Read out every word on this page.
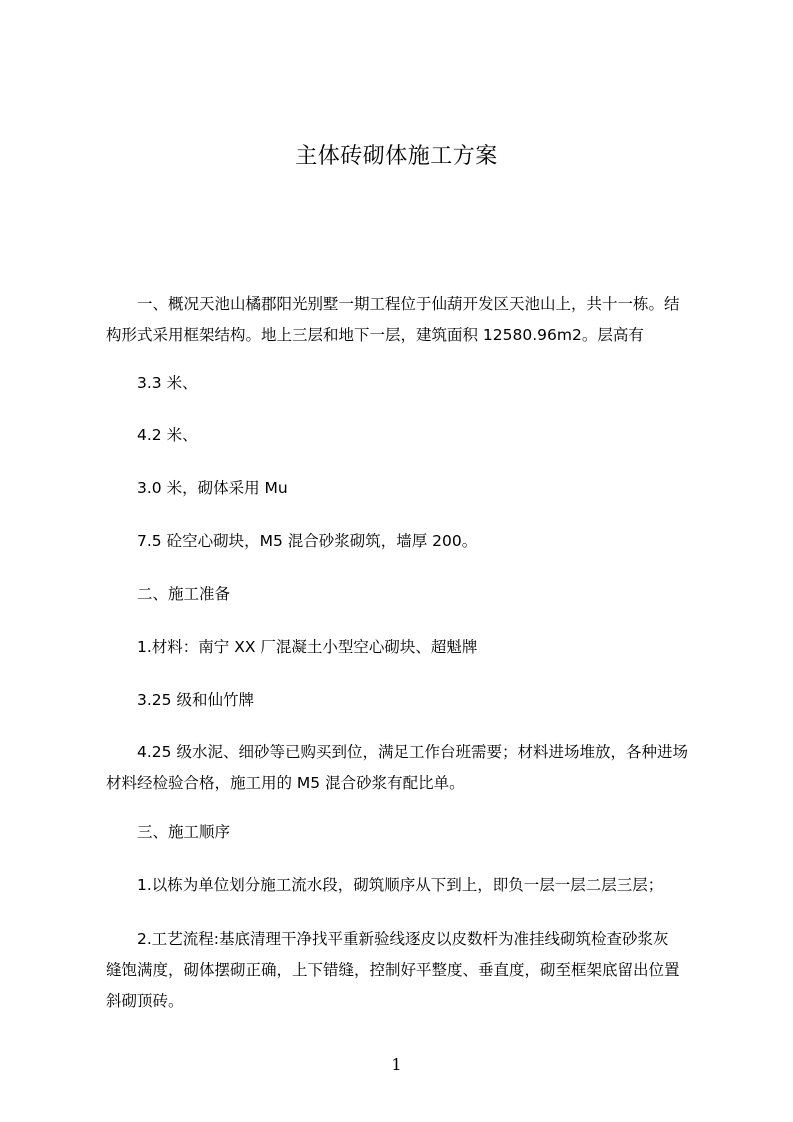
主体砖砌体施工方案
　　一、概况天池山橘郡阳光别墅一期工程位于仙葫开发区天池山上，共十一栋。结
构形式采用框架结构。地上三层和地下一层，建筑面积 12580.96m2。层高有
　　3.3 米、
　　4.2 米、
　　3.0 米，砌体采用 Mu
　　7.5 砼空心砌块，M5 混合砂浆砌筑，墙厚 200。
　　二、施工准备
　　1.材料：南宁 XX 厂混凝土小型空心砌块、超魁牌
　　3.25 级和仙竹牌
　　4.25 级水泥、细砂等已购买到位，满足工作台班需要；材料进场堆放，各种进场
材料经检验合格，施工用的 M5 混合砂浆有配比单。
　　三、施工顺序
　　1.以栋为单位划分施工流水段，砌筑顺序从下到上，即负一层一层二层三层；
　　2.工艺流程:基底清理干净找平重新验线逐皮以皮数杆为准挂线砌筑检查砂浆灰
缝饱满度，砌体摆砌正确，上下错缝，控制好平整度、垂直度，砌至框架底留出位置
斜砌顶砖。
1
